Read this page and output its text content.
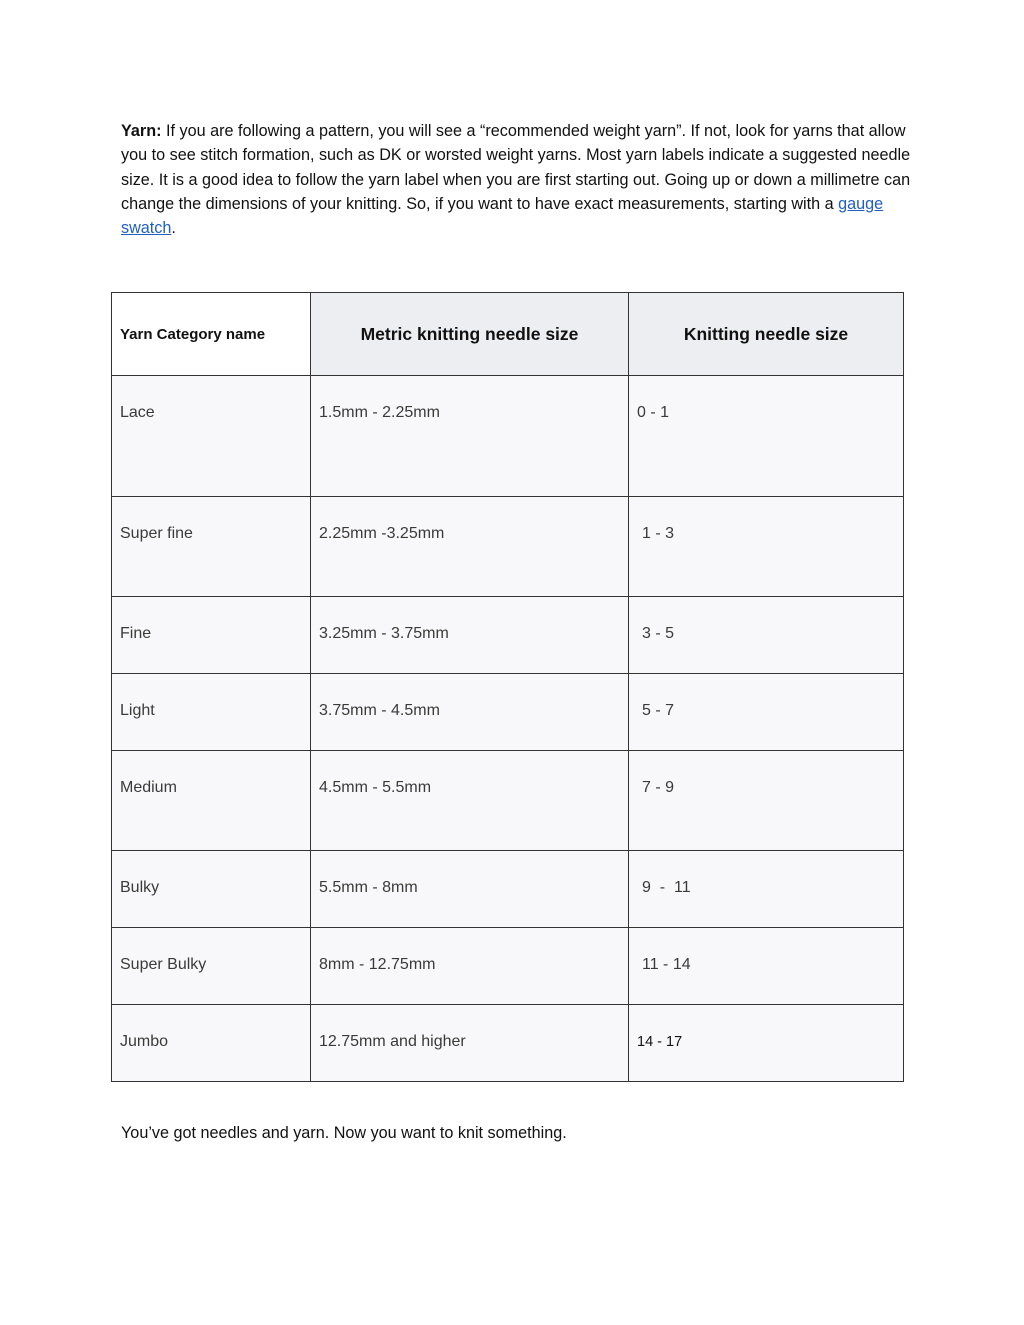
Yarn: If you are following a pattern, you will see a “recommended weight yarn”. If not, look for yarns that allow you to see stitch formation, such as DK or worsted weight yarns. Most yarn labels indicate a suggested needle size. It is a good idea to follow the yarn label when you are first starting out. Going up or down a millimetre can change the dimensions of your knitting. So, if you want to have exact measurements, starting with a gauge swatch.
Yarn Category name	Metric knitting needle size	Knitting needle size

Lace	1.5mm - 2.25mm	0 - 1

Super fine	2.25mm -3.25mm	1 - 3

Fine	3.25mm - 3.75mm	3 - 5

Light	3.75mm - 4.5mm	5 - 7

Medium	4.5mm - 5.5mm	7 - 9

Bulky	5.5mm - 8mm	9  -  11

Super Bulky	8mm - 12.75mm	11 - 14

Jumbo	12.75mm and higher	14 - 17
You’ve got needles and yarn. Now you want to knit something.
